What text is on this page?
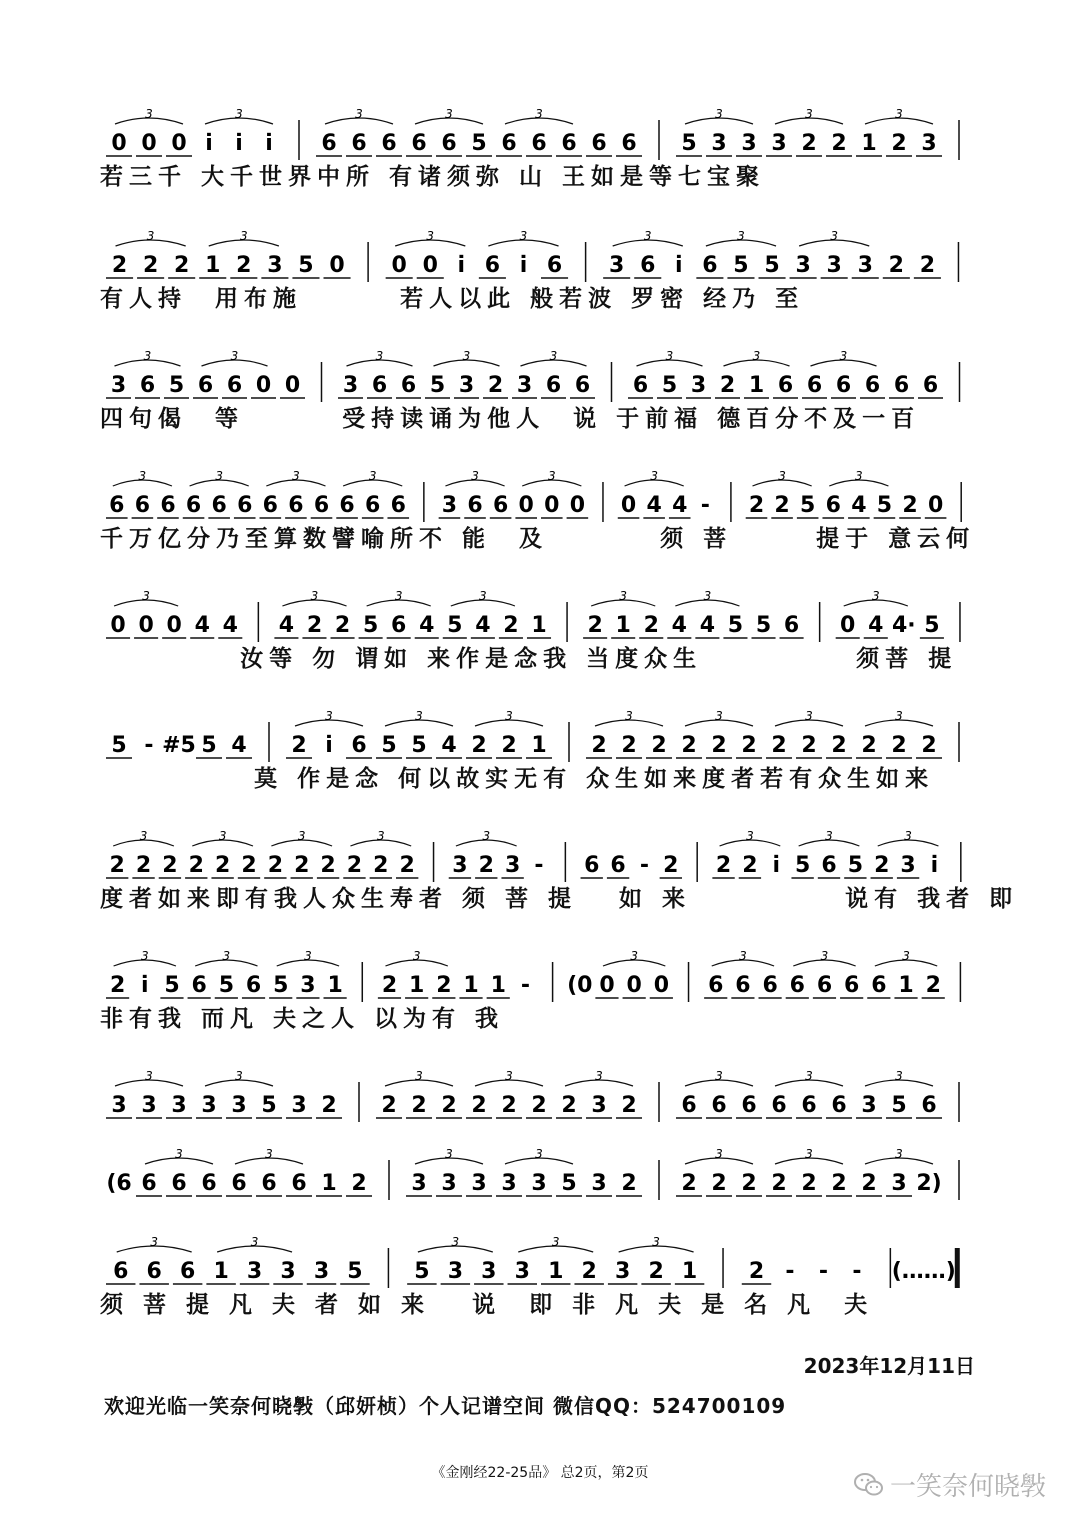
0 0 0 i̇ i̇ i̇ 6 6 6 6 6 5 6 6 6 6 6 5 3 3 3 2 2 1 2 3
3	3	3	3	3	3	3	3
若三千 大千世界中所 有诸须弥 山 王如是等七宝聚
2 2 2 1 2 3 5 0 0 0 i̇ 6 i̇ 6 3 6 i̇ 6 5 5 3 3 3 2 2
3	3	3	3	3	3	3
有人持  用布施       若人以此 般若波 罗密 经乃 至
3 6 5 6 6 0 0 3 6 6 5 3 2 3 6 6 6 5 3 2 1 6 6 6 6 6 6
3	3	3	3	3	3	3	3
四句偈  等       受持读诵为他人  说 于前福 德百分不及一百
6 6 6 6 6 6 6 6 6 6 6 6 3 6 6 0 0 0 0 4 4 - 2 2 5 6 4 5 2 0
3	3	3	3	3	3	3	3	3
千万亿分乃至算数譬喻所不 能  及        须 菩      提于 意云何
0 0 0 4 4 4 2 2 5 6 4 5 4 2 1 2 1 2 4 4 5 5 6 0 4 4· 5
3	3	3	3	3	3	3
汝等 勿 谓如 来作是念我 当度众生           须菩 提
5 - #5 5 4 2 i̇ 6 5 5 4 2 2 1 2 2 2 2 2 2 2 2 2 2 2 2
3	3	3	3	3	3	3
莫 作是念 何以故实无有 众生如来度者若有众生如来
2 2 2 2 2 2 2 2 2 2 2 2 3 2 3 - 6 6 - 2 2 2 i̇ 5 6 5 2 3 i̇
3	3	3	3	3	3	3	3
度者如来即有我人众生寿者 须 菩 提   如 来           说有 我者 即
2 i̇ 5 6 5 6 5 3 1 2 1 2 1 1 - (0 0 0 0 6 6 6 6 6 6 6 1 2
3	3	3	3	3	3	3	3
非有我 而凡 夫之人 以为有 我
3 3 3 3 3 5 3 2 2 2 2 2 2 2 2 3 2 6 6 6 6 6 6 3 5 6
3	3	3	3	3	3	3	3
(6 6 6 6 6 6 6 1 2 3 3 3 3 3 5 3 2 2 2 2 2 2 2 2 3 2)
3	3	3	3	3	3	3
6 6 6 1 3 3 3 5 5 3 3 3 1 2 3 2 1 2 - - - (……)
3	3	3	3	3
须 菩 提 凡 夫 者 如 来   说  即 非 凡 夫 是 名 凡  夫
2023年12月11日
欢迎光临一笑奈何晓斅（邱妍桢）个人记谱空间 微信QQ：524700109
《金刚经22-25品》 总2页，第2页	一笑奈何晓斅
